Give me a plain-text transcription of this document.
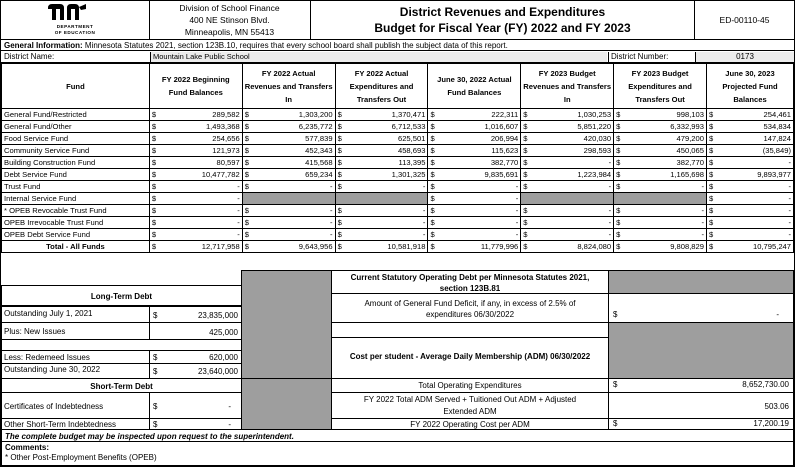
DEPARTMENT
OF EDUCATION
Division of School Finance
400 NE Stinson Blvd.
Minneapolis, MN 55413
District Revenues and Expenditures
Budget for Fiscal Year (FY) 2022 and FY 2023
ED-00110-45
General Information: Minnesota Statutes 2021, section 123B.10, requires that every school board shall publish the subject data of this report.
District Name:	Mountain Lake Public School	District Number:	0173
Fund	FY 2022 Beginning Fund Balances		FY 2022 Actual Revenues and Transfers In		FY 2022 Actual Expenditures and Transfers Out		June 30, 2022 Actual Fund Balances		FY 2023 Budget Revenues and Transfers In		FY 2023 Budget Expenditures and Transfers Out		June 30, 2023 Projected Fund Balances	
General Fund/Restricted	$	289,582	$	1,303,200	$	1,370,471	$	222,311	$	1,030,253	$	998,103	$	254,461
General Fund/Other	$	1,493,368	$	6,235,772	$	6,712,533	$	1,016,607	$	5,851,220	$	6,332,993	$	534,834
Food Service Fund	$	254,656	$	577,839	$	625,501	$	206,994	$	420,030	$	479,200	$	147,824
Community Service Fund	$	121,973	$	452,343	$	458,693	$	115,623	$	298,593	$	450,065	$	(35,849)
Building Construction Fund	$	80,597	$	415,568	$	113,395	$	382,770	$	-	$	382,770	$	-
Debt Service Fund	$	10,477,782	$	659,234	$	1,301,325	$	9,835,691	$	1,223,984	$	1,165,698	$	9,893,977
Trust Fund	$	-	$	-	$	-	$	-	$	-	$	-	$	-
Internal Service Fund	$	-					$	-					$	-
* OPEB Revocable Trust Fund	$	-	$	-	$	-	$	-	$	-	$	-	$	-
OPEB Irrevocable Trust Fund	$	-	$	-	$	-	$	-	$	-	$	-	$	-
OPEB Debt Service Fund	$	-	$	-	$	-	$	-	$	-	$	-	$	-
Total - All Funds	$	12,717,958	$	9,643,956	$	10,581,918	$	11,779,996	$	8,824,080	$	9,808,829	$	10,795,247
Long-Term Debt
Outstanding July 1, 2021	$	23,835,000
Plus: New Issues	425,000
Less: Redemeed Issues	$	620,000
Outstanding June 30, 2022	$	23,640,000
Short-Term Debt
Certificates of Indebtedness	$	-
Other Short-Term Indebtedness	$	-
Current Statutory Operating Debt per Minnesota Statutes 2021,
section 123B.81
Amount of General Fund Deficit, if any, in excess of 2.5% of
expenditures 06/30/2022	$	-
Cost per student - Average Daily Membership (ADM) 06/30/2022
Total Operating Expenditures	$	8,652,730.00
FY 2022 Total ADM Served + Tuitioned Out ADM + Adjusted Extended ADM
503.06
FY 2022 Operating Cost per ADM	$	17,200.19
The complete budget may be inspected upon request to the superintendent.
Comments:
* Other Post-Employment Benefits (OPEB)
